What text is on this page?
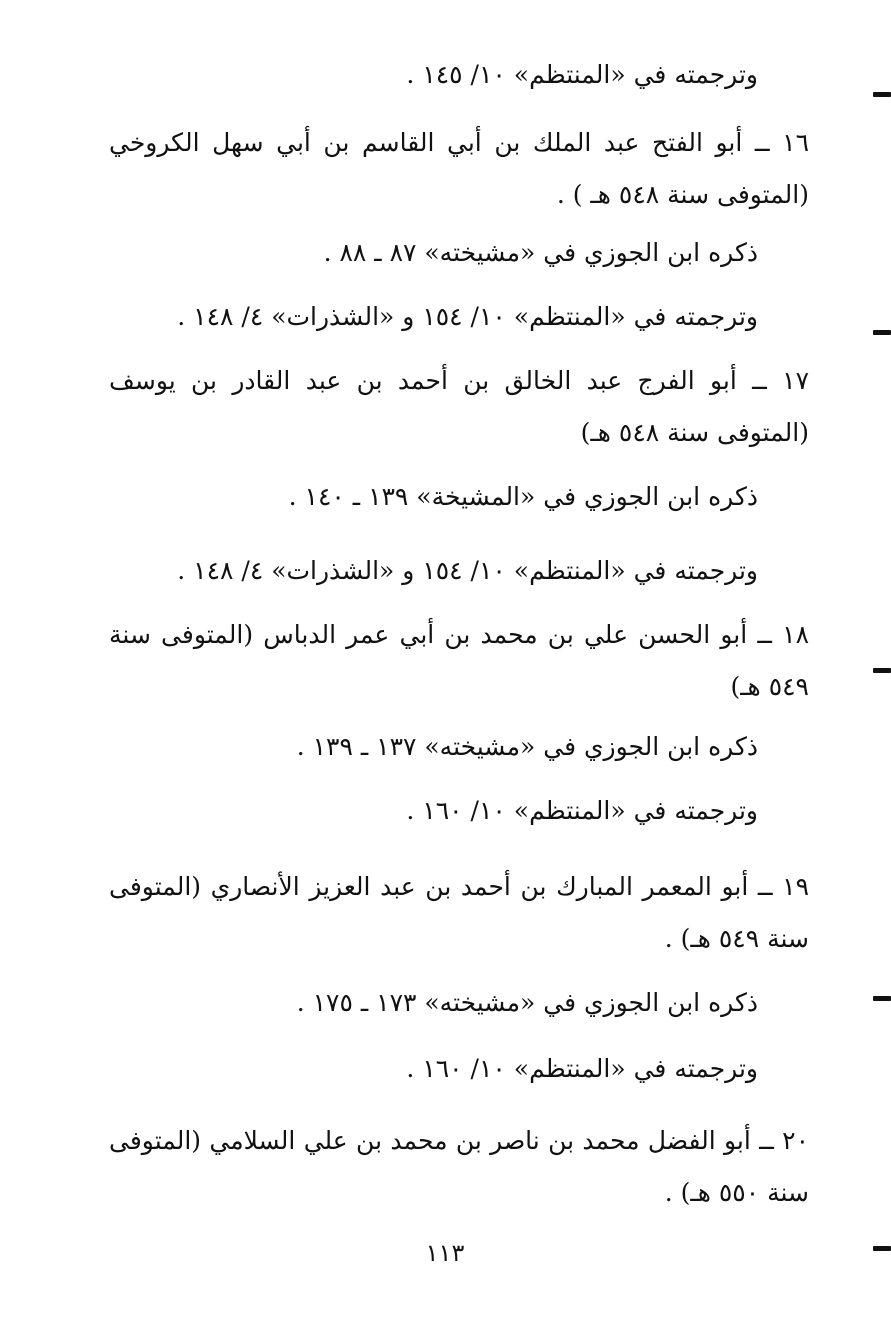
وترجمته في «المنتظم» ١٠/ ١٤٥ .
١٦ ــ أبو الفتح عبد الملك بن أبي القاسم بن أبي سهل الكروخي
(المتوفى سنة ٥٤٨ هـ ) .
ذكره ابن الجوزي في «مشيخته» ٨٧ ـ ٨٨ .
وترجمته في «المنتظم» ١٠/ ١٥٤ و «الشذرات» ٤/ ١٤٨ .
١٧ ــ أبو الفرج عبد الخالق بن أحمد بن عبد القادر بن يوسف
(المتوفى سنة ٥٤٨ هـ)
ذكره ابن الجوزي في «المشيخة» ١٣٩ ـ ١٤٠ .
وترجمته في «المنتظم» ١٠/ ١٥٤ و «الشذرات» ٤/ ١٤٨ .
١٨ ــ أبو الحسن علي بن محمد بن أبي عمر الدباس (المتوفى سنة
٥٤٩ هـ)
ذكره ابن الجوزي في «مشيخته» ١٣٧ ـ ١٣٩ .
وترجمته في «المنتظم» ١٠/ ١٦٠ .
١٩ ــ أبو المعمر المبارك بن أحمد بن عبد العزيز الأنصاري (المتوفى
سنة ٥٤٩ هـ) .
ذكره ابن الجوزي في «مشيخته» ١٧٣ ـ ١٧٥ .
وترجمته في «المنتظم» ١٠/ ١٦٠ .
٢٠ ــ أبو الفضل محمد بن ناصر بن محمد بن علي السلامي (المتوفى
سنة ٥٥٠ هـ) .
١١٣
